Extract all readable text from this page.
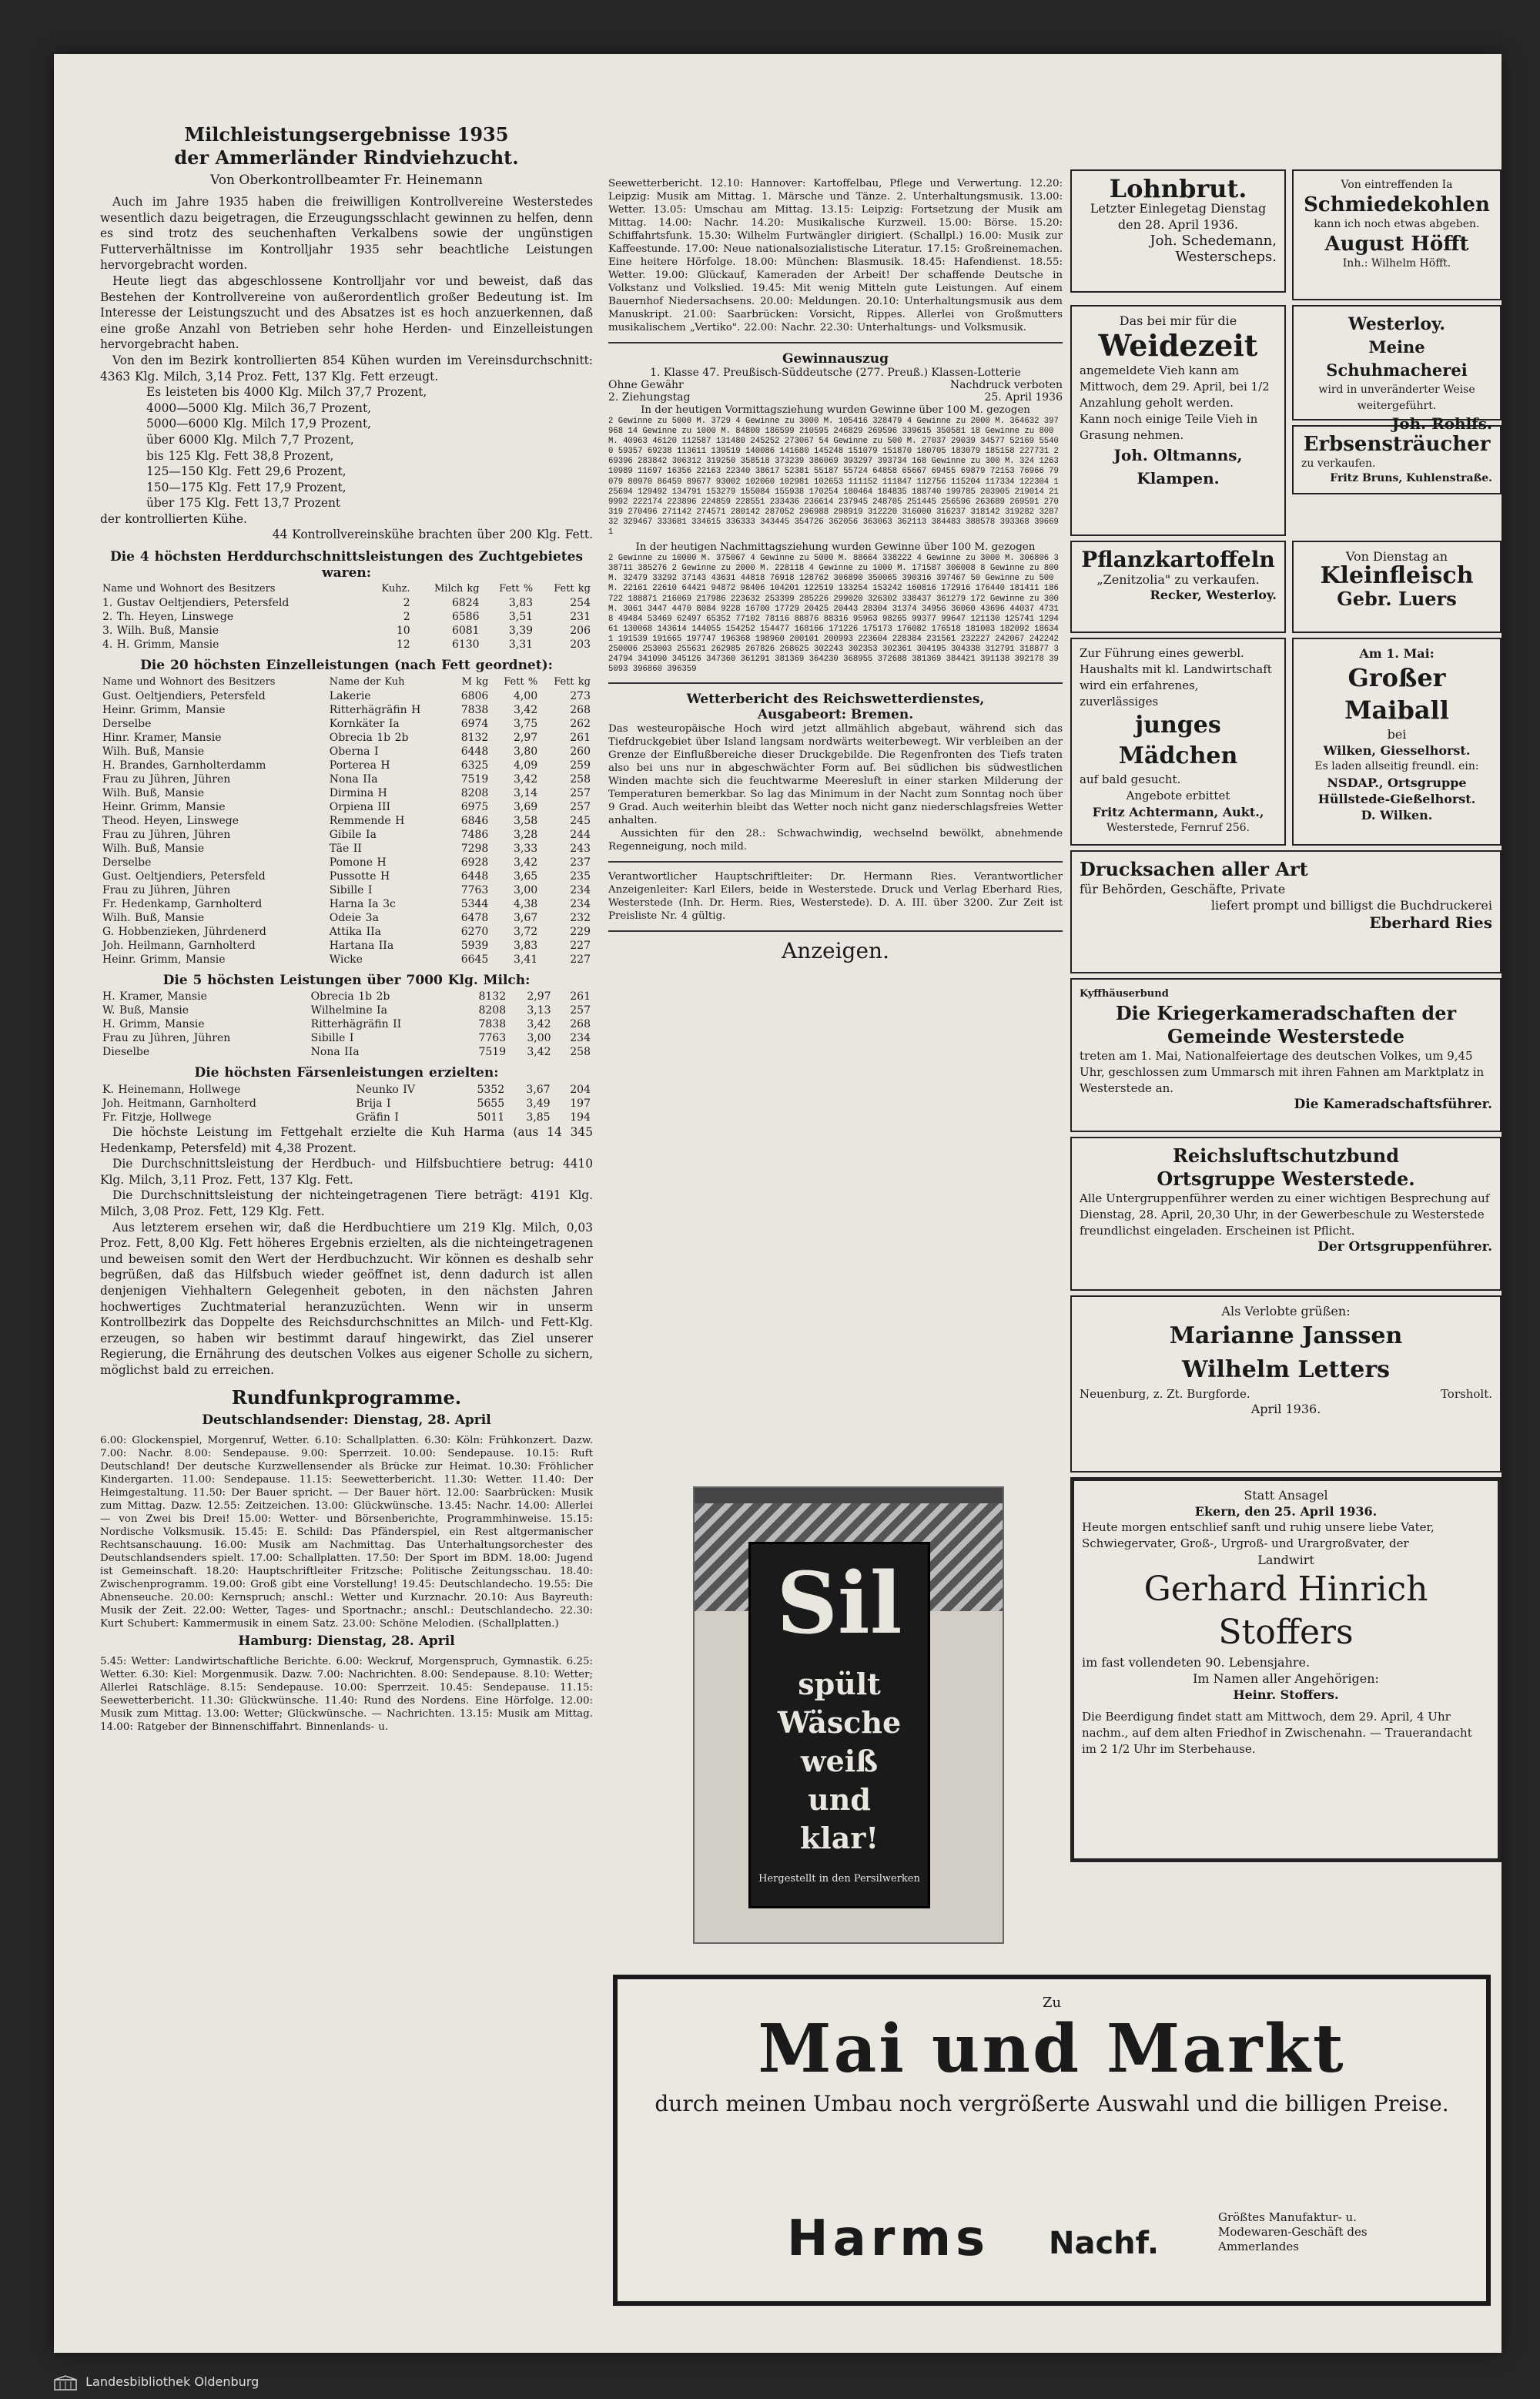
Milchleistungsergebnisse 1935
der Ammerländer Rindviehzucht.
Von Oberkontrollbeamter Fr. Heinemann

Auch im Jahre 1935 haben die freiwilligen Kontrollvereine Westerstedes wesentlich dazu beigetragen, die Erzeugungsschlacht gewinnen zu helfen, denn es sind trotz des seuchenhaften Verkalbens sowie der ungünstigen Futterverhältnisse im Kontrolljahr 1935 sehr beachtliche Leistungen hervorgebracht worden.

Heute liegt das abgeschlossene Kontrolljahr vor und beweist, daß das Bestehen der Kontrollvereine von außerordentlich großer Bedeutung ist. Im Interesse der Leistungszucht und des Absatzes ist es hoch anzuerkennen, daß eine große Anzahl von Betrieben sehr hohe Herden- und Einzelleistungen hervorgebracht haben.

Von den im Bezirk kontrollierten 854 Kühen wurden im Vereinsdurchschnitt: 4363 Klg. Milch, 3,14 Proz. Fett, 137 Klg. Fett erzeugt.

Es leisteten bis 4000 Klg. Milch 37,7 Prozent,
4000—5000 Klg. Milch 36,7 Prozent,
5000—6000 Klg. Milch 17,9 Prozent,
über 6000 Klg. Milch 7,7 Prozent,
bis 125 Klg. Fett 38,8 Prozent,
125—150 Klg. Fett 29,6 Prozent,
150—175 Klg. Fett 17,9 Prozent,
über 175 Klg. Fett 13,7 Prozent
der kontrollierten Kühe.
44 Kontrollvereinskühe brachten über 200 Klg. Fett.
Die 4 höchsten Herddurchschnittsleistungen des Zuchtgebietes waren:
Name und Wohnort des Besitzers	Kuhz.	Milch kg	Fett %	Fett kg
1. Gustav Oeltjendiers, Petersfeld	2	6824	3,83	254
2. Th. Heyen, Linswege	2	6586	3,51	231
3. Wilh. Buß, Mansie	10	6081	3,39	206
4. H. Grimm, Mansie	12	6130	3,31	203
Die 20 höchsten Einzelleistungen (nach Fett geordnet):
Name und Wohnort des Besitzers	Name der Kuh	M kg	Fett %	Fett kg
Gust. Oeltjendiers, Petersfeld	Lakerie	6806	4,00	273
Heinr. Grimm, Mansie	Ritterhägräfin H	7838	3,42	268
Derselbe	Kornkäter Ia	6974	3,75	262
Hinr. Kramer, Mansie	Obrecia 1b 2b	8132	2,97	261
Wilh. Buß, Mansie	Oberna I	6448	3,80	260
H. Brandes, Garnholterdamm	Porterea H	6325	4,09	259
Frau zu Jühren, Jühren	Nona IIa	7519	3,42	258
Wilh. Buß, Mansie	Dirmina H	8208	3,14	257
Heinr. Grimm, Mansie	Orpiena III	6975	3,69	257
Theod. Heyen, Linswege	Remmende H	6846	3,58	245
Frau zu Jühren, Jühren	Gibile Ia	7486	3,28	244
Wilh. Buß, Mansie	Täe II	7298	3,33	243
Derselbe	Pomone H	6928	3,42	237
Gust. Oeltjendiers, Petersfeld	Pussotte H	6448	3,65	235
Frau zu Jühren, Jühren	Sibille I	7763	3,00	234
Fr. Hedenkamp, Garnholterd	Harna Ia 3c	5344	4,38	234
Wilh. Buß, Mansie	Odeie 3a	6478	3,67	232
G. Hobbenzieken, Jührdenerd	Attika IIa	6270	3,72	229
Joh. Heilmann, Garnholterd	Hartana IIa	5939	3,83	227
Heinr. Grimm, Mansie	Wicke	6645	3,41	227
Die 5 höchsten Leistungen über 7000 Klg. Milch:
H. Kramer, Mansie	Obrecia 1b 2b	8132	2,97	261
W. Buß, Mansie	Wilhelmine Ia	8208	3,13	257
H. Grimm, Mansie	Ritterhägräfin II	7838	3,42	268
Frau zu Jühren, Jühren	Sibille I	7763	3,00	234
Dieselbe	Nona IIa	7519	3,42	258
Die höchsten Färsenleistungen erzielten:
K. Heinemann, Hollwege	Neunko IV	5352	3,67	204
Joh. Heitmann, Garnholterd	Brija I	5655	3,49	197
Fr. Fitzje, Hollwege	Gräfin I	5011	3,85	194

Die höchste Leistung im Fettgehalt erzielte die Kuh Harma (aus 14 345 Hedenkamp, Petersfeld) mit 4,38 Prozent.

Die Durchschnittsleistung der Herdbuch- und Hilfsbuchtiere betrug: 4410 Klg. Milch, 3,11 Proz. Fett, 137 Klg. Fett.

Die Durchschnittsleistung der nichteingetragenen Tiere beträgt: 4191 Klg. Milch, 3,08 Proz. Fett, 129 Klg. Fett.

Aus letzterem ersehen wir, daß die Herdbuchtiere um 219 Klg. Milch, 0,03 Proz. Fett, 8,00 Klg. Fett höheres Ergebnis erzielten, als die nichteingetragenen und beweisen somit den Wert der Herdbuchzucht. Wir können es deshalb sehr begrüßen, daß das Hilfsbuch wieder geöffnet ist, denn dadurch ist allen denjenigen Viehhaltern Gelegenheit geboten, in den nächsten Jahren hochwertiges Zuchtmaterial heranzuzüchten. Wenn wir in unserm Kontrollbezirk das Doppelte des Reichsdurchschnittes an Milch- und Fett-Klg. erzeugen, so haben wir bestimmt darauf hingewirkt, das Ziel unserer Regierung, die Ernährung des deutschen Volkes aus eigener Scholle zu sichern, möglichst bald zu erreichen.

Rundfunkprogramme.
Deutschlandsender: Dienstag, 28. April
6.00: Glockenspiel, Morgenruf, Wetter. 6.10: Schallplatten. 6.30: Köln: Frühkonzert. Dazw. 7.00: Nachr. 8.00: Sendepause. 9.00: Sperrzeit. 10.00: Sendepause. 10.15: Ruft Deutschland! Der deutsche Kurzwellensender als Brücke zur Heimat. 10.30: Fröhlicher Kindergarten. 11.00: Sendepause. 11.15: Seewetterbericht. 11.30: Wetter. 11.40: Der Heimgestaltung. 11.50: Der Bauer spricht. — Der Bauer hört. 12.00: Saarbrücken: Musik zum Mittag. Dazw. 12.55: Zeitzeichen. 13.00: Glückwünsche. 13.45: Nachr. 14.00: Allerlei — von Zwei bis Drei! 15.00: Wetter- und Börsenberichte, Programmhinweise. 15.15: Nordische Volksmusik. 15.45: E. Schild: Das Pfänderspiel, ein Rest altgermanischer Rechtsanschauung. 16.00: Musik am Nachmittag. Das Unterhaltungsorchester des Deutschlandsenders spielt. 17.00: Schallplatten. 17.50: Der Sport im BDM. 18.00: Jugend ist Gemeinschaft. 18.20: Hauptschriftleiter Fritzsche: Politische Zeitungsschau. 18.40: Zwischenprogramm. 19.00: Groß gibt eine Vorstellung! 19.45: Deutschlandecho. 19.55: Die Abnenseuche. 20.00: Kernspruch; anschl.: Wetter und Kurznachr. 20.10: Aus Bayreuth: Musik der Zeit. 22.00: Wetter, Tages- und Sportnachr.; anschl.: Deutschlandecho. 22.30: Kurt Schubert: Kammermusik in einem Satz. 23.00: Schöne Melodien. (Schallplatten.)
Hamburg: Dienstag, 28. April
5.45: Wetter: Landwirtschaftliche Berichte. 6.00: Weckruf, Morgenspruch, Gymnastik. 6.25: Wetter. 6.30: Kiel: Morgenmusik. Dazw. 7.00: Nachrichten. 8.00: Sendepause. 8.10: Wetter; Allerlei Ratschläge. 8.15: Sendepause. 10.00: Sperrzeit. 10.45: Sendepause. 11.15: Seewetterbericht. 11.30: Glückwünsche. 11.40: Rund des Nordens. Eine Hörfolge. 12.00: Musik zum Mittag. 13.00: Wetter; Glückwünsche. — Nachrichten. 13.15: Musik am Mittag. 14.00: Ratgeber der Binnenschiffahrt. Binnenlands- u.
Seewetterbericht. 12.10: Hannover: Kartoffelbau, Pflege und Verwertung. 12.20: Leipzig: Musik am Mittag. 1. Märsche und Tänze. 2. Unterhaltungsmusik. 13.00: Wetter. 13.05: Umschau am Mittag. 13.15: Leipzig: Fortsetzung der Musik am Mittag. 14.00: Nachr. 14.20: Musikalische Kurzweil. 15.00: Börse. 15.20: Schiffahrtsfunk. 15.30: Wilhelm Furtwängler dirigiert. (Schallpl.) 16.00: Musik zur Kaffeestunde. 17.00: Neue nationalsozialistische Literatur. 17.15: Großreinemachen. Eine heitere Hörfolge. 18.00: München: Blasmusik. 18.45: Hafendienst. 18.55: Wetter. 19.00: Glückauf, Kameraden der Arbeit! Der schaffende Deutsche in Volkstanz und Volkslied. 19.45: Mit wenig Mitteln gute Leistungen. Auf einem Bauernhof Niedersachsens. 20.00: Meldungen. 20.10: Unterhaltungsmusik aus dem Manuskript. 21.00: Saarbrücken: Vorsicht, Rippes. Allerlei von Großmutters musikalischem „Vertiko". 22.00: Nachr. 22.30: Unterhaltungs- und Volksmusik.
Gewinnauszug
1. Klasse 47. Preußisch-Süddeutsche (277. Preuß.) Klassen-Lotterie
Ohne Gewähr	Nachdruck verboten
2. Ziehungstag	25. April 1936
In der heutigen Vormittagsziehung wurden Gewinne über 100 M. gezogen
2 Gewinne zu 5000 M. 3729 4 Gewinne zu 3000 M. 105416 328479 4 Gewinne zu 2000 M. 364632 397968 14 Gewinne zu 1000 M. 84800 186599 210595 246829 269596 339615 350581 18 Gewinne zu 800 M. 40963 46120 112587 131480 245252 273067 54 Gewinne zu 500 M. 27037 29039 34577 52169 55400 59357 69238 113611 139519 140086 141680 145248 151079 151870 180705 183079 185158 227731 269396 283842 306312 319250 358518 373239 386069 393297 393734 168 Gewinne zu 300 M. 324 1263 10989 11697 16356 22163 22340 38617 52381 55187 55724 64858 65667 69455 69879 72153 76966 79079 80970 86459 89677 93002 102060 102981 102653 111152 111847 112756 115204 117334 122304 125694 129492 134791 153279 155084 155938 170254 180464 184835 188740 199785 203905 219014 219992 222174 223896 224859 228551 233436 236614 237945 248705 251445 256596 263689 269591 270319 270496 271142 274571 280142 287052 296988 298919 312220 316000 316237 318142 319282 328732 329467 333681 334615 336333 343445 354726 362056 363063 362113 384483 388578 393368 396691
In der heutigen Nachmittagsziehung wurden Gewinne über 100 M. gezogen
2 Gewinne zu 10000 M. 375067 4 Gewinne zu 5000 M. 88664 338222 4 Gewinne zu 3000 M. 306806 338711 385276 2 Gewinne zu 2000 M. 228118 4 Gewinne zu 1000 M. 171587 306008 8 Gewinne zu 800 M. 32479 33292 37143 43631 44818 76918 128762 306890 350065 390316 397467 50 Gewinne zu 500 M. 22161 22610 64421 94872 98406 104201 122519 133254 153242 160816 172916 176440 181411 186722 188871 216069 217986 223632 253399 285226 299020 326302 338437 361279 172 Gewinne zu 300 M. 3061 3447 4470 8084 9228 16700 17729 20425 20443 28304 31374 34956 36060 43696 44037 47318 49484 53469 62497 65352 77102 78116 88876 88316 95963 98265 99377 99647 121130 125741 129461 130068 143614 144055 154252 154477 168166 171226 175173 176082 176518 181003 182092 186341 191539 191665 197747 196368 198960 200101 200993 223604 228384 231561 232227 242067 242242 250006 253003 255631 262985 267826 268625 302243 302353 302361 304195 304338 312791 318877 324794 341090 345126 347360 361291 381369 364230 368955 372688 381369 384421 391138 392178 395093 396860 396359
Wetterbericht des Reichswetterdienstes,
Ausgabeort: Bremen.
Das westeuropäische Hoch wird jetzt allmählich abgebaut, während sich das Tiefdruckgebiet über Island langsam nordwärts weiterbewegt. Wir verbleiben an der Grenze der Einflußbereiche dieser Druckgebilde. Die Regenfronten des Tiefs traten also bei uns nur in abgeschwächter Form auf. Bei südlichen bis südwestlichen Winden machte sich die feuchtwarme Meeresluft in einer starken Milderung der Temperaturen bemerkbar. So lag das Minimum in der Nacht zum Sonntag noch über 9 Grad. Auch weiterhin bleibt das Wetter noch nicht ganz niederschlagsfreies Wetter anhalten.
Aussichten für den 28.: Schwachwindig, wechselnd bewölkt, abnehmende Regenneigung, noch mild.
Verantwortlicher Hauptschriftleiter: Dr. Hermann Ries. Verantwortlicher Anzeigenleiter: Karl Eilers, beide in Westerstede. Druck und Verlag Eberhard Ries, Westerstede (Inh. Dr. Herm. Ries, Westerstede). D. A. III. über 3200. Zur Zeit ist Preisliste Nr. 4 gültig.
Anzeigen.
Sil
spült
Wäsche
weiß
und
klar!
Hergestellt in den Persilwerken
Lohnbrut.
Letzter Einlegetag Dienstag den 28. April 1936.
Joh. Schedemann,
Westerscheps.
Von eintreffenden Ia
Schmiedekohlen
kann ich noch etwas abgeben.
August Höfft
Inh.: Wilhelm Höfft.
Das bei mir für die
Weidezeit
angemeldete Vieh kann am Mittwoch, dem 29. April, bei 1/2 Anzahlung geholt werden.
Kann noch einige Teile Vieh in Grasung nehmen.
Joh. Oltmanns,
Klampen.
Westerloy.
Meine Schuhmacherei
wird in unveränderter Weise weitergeführt.
Joh. Rohlfs.
Erbsensträucher
zu verkaufen.
Fritz Bruns, Kuhlenstraße.
Pflanzkartoffeln
„Zenitzolia" zu verkaufen.
Recker, Westerloy.
Von Dienstag an
Kleinfleisch
Gebr. Luers
Zur Führung eines gewerbl. Haushalts mit kl. Landwirtschaft wird ein erfahrenes, zuverlässiges
junges Mädchen
auf bald gesucht.
Angebote erbittet
Fritz Achtermann, Aukt.,
Westerstede, Fernruf 256.
Am 1. Mai:
Großer Maiball
bei
Wilken, Giesselhorst.
Es laden allseitig freundl. ein:
NSDAP., Ortsgruppe Hüllstede-Gießelhorst.
D. Wilken.
Drucksachen aller Art
für Behörden, Geschäfte, Private
liefert prompt und billigst die Buchdruckerei
Eberhard Ries
Kyffhäuserbund
Die Kriegerkameradschaften der Gemeinde Westerstede
treten am 1. Mai, Nationalfeiertage des deutschen Volkes, um 9,45 Uhr, geschlossen zum Ummarsch mit ihren Fahnen am Marktplatz in Westerstede an.
Die Kameradschaftsführer.
Reichsluftschutzbund
Ortsgruppe Westerstede.
Alle Untergruppenführer werden zu einer wichtigen Besprechung auf Dienstag, 28. April, 20,30 Uhr, in der Gewerbeschule zu Westerstede freundlichst eingeladen. Erscheinen ist Pflicht.
Der Ortsgruppenführer.
Als Verlobte grüßen:
Marianne Janssen
Wilhelm Letters
Neuenburg, z. Zt. Burgforde.	Torsholt.
April 1936.
Statt Ansagel
Ekern, den 25. April 1936.
Heute morgen entschlief sanft und ruhig unsere liebe Vater, Schwiegervater, Groß-, Urgroß- und Urargroßvater, der
Landwirt
Gerhard Hinrich
Stoffers
im fast vollendeten 90. Lebensjahre.
Im Namen aller Angehörigen:
Heinr. Stoffers.
Die Beerdigung findet statt am Mittwoch, dem 29. April, 4 Uhr nachm., auf dem alten Friedhof in Zwischenahn. — Trauerandacht im 2 1/2 Uhr im Sterbehause.
Zu
Mai und Markt
durch meinen Umbau noch vergrößerte Auswahl und die billigen Preise.
Harms Nachf.
Größtes Manufaktur- u. Modewaren-Geschäft des Ammerlandes
Landesbibliothek Oldenburg
